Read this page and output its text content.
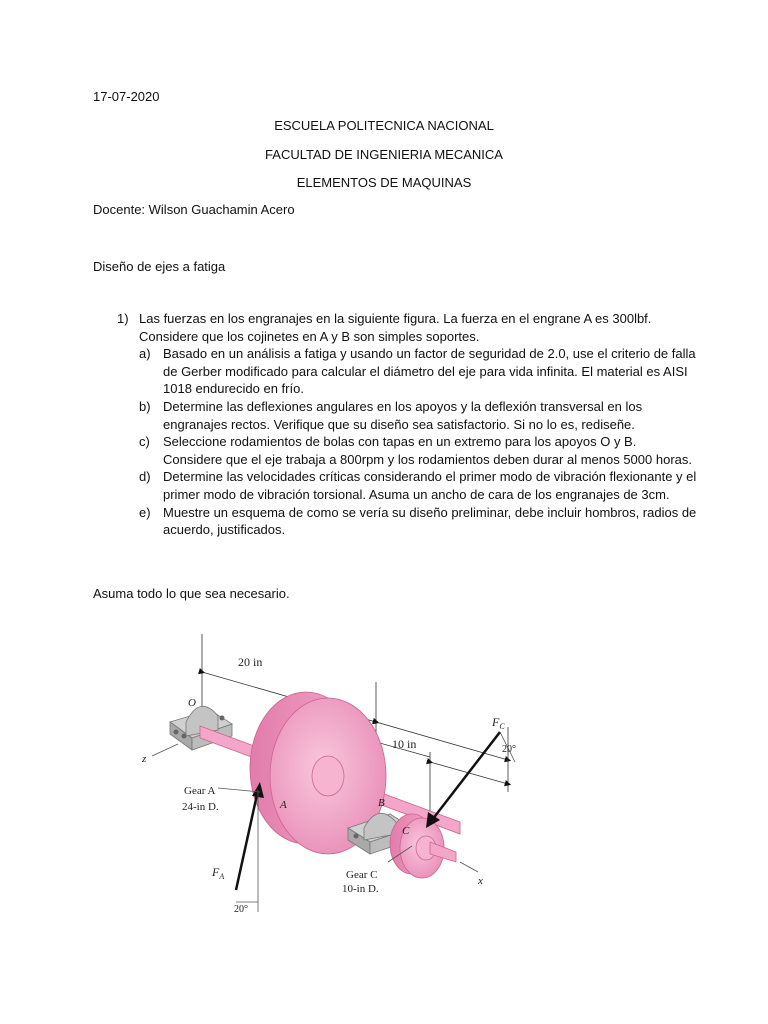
17-07-2020
ESCUELA POLITECNICA NACIONAL
FACULTAD DE INGENIERIA MECANICA
ELEMENTOS DE MAQUINAS
Docente: Wilson Guachamin Acero
Diseño de ejes a fatiga
1) Las fuerzas en los engranajes en la siguiente figura. La fuerza en el engrane A es 300lbf. Considere que los cojinetes en A y B son simples soportes.
a) Basado en un análisis a fatiga y usando un factor de seguridad de 2.0, use el criterio de falla de Gerber modificado para calcular el diámetro del eje para vida infinita. El material es AISI 1018 endurecido en frío.
b) Determine las deflexiones angulares en los apoyos y la deflexión transversal en los engranajes rectos. Verifique que su diseño sea satisfactorio. Si no lo es, rediseñe.
c)	Seleccione rodamientos de bolas con tapas en un extremo para los apoyos O y B. Considere que el eje trabaja a 800rpm y los rodamientos deben durar al menos 5000 horas.
d) Determine las velocidades críticas considerando el primer modo de vibración flexionante y el primer modo de vibración torsional. Asuma un ancho de cara de los engranajes de 3cm.
e) Muestre un esquema de como se vería su diseño preliminar, debe incluir hombros, radios de acuerdo, justificados.
Asuma todo lo que sea necesario.
20 in
10 in
z
O
A	B
C
x
$F_C$
20°
$F_A$
20°
Gear A
24-in D.
Gear C
10-in D.
